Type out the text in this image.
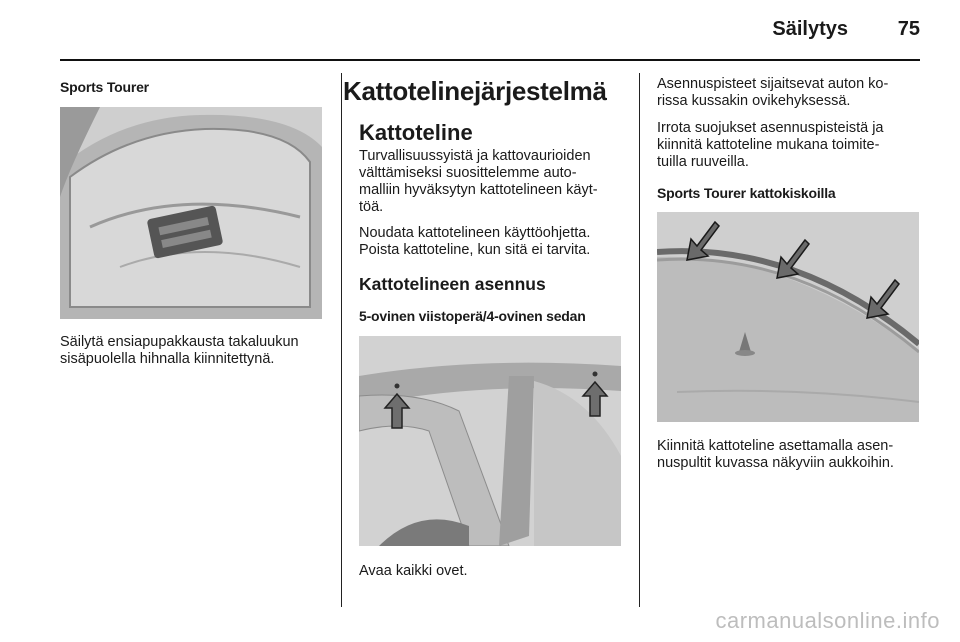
Säilytys	75
Sports Tourer

Säilytä ensiapupakkausta takaluukun
sisäpuolella hihnalla kiinnitettynä.

Kattotelinejärjestelmä
Kattoteline

Turvallisuussyistä ja kattovaurioiden
välttämiseksi suosittelemme auto-
malliin hyväksytyn kattotelineen käyt-
töä.

Noudata kattotelineen käyttöohjetta.
Poista kattoteline, kun sitä ei tarvita.

Kattotelineen asennus
5-ovinen viistoperä/4-ovinen sedan

Avaa kaikki ovet.

Asennuspisteet sijaitsevat auton ko-
rissa kussakin ovikehyksessä.

Irrota suojukset asennuspisteistä ja
kiinnitä kattoteline mukana toimite-
tuilla ruuveilla.

Sports Tourer kattokiskoilla

Kiinnitä kattoteline asettamalla asen-
nuspultit kuvassa näkyviin aukkoihin.

carmanualsonline.info
